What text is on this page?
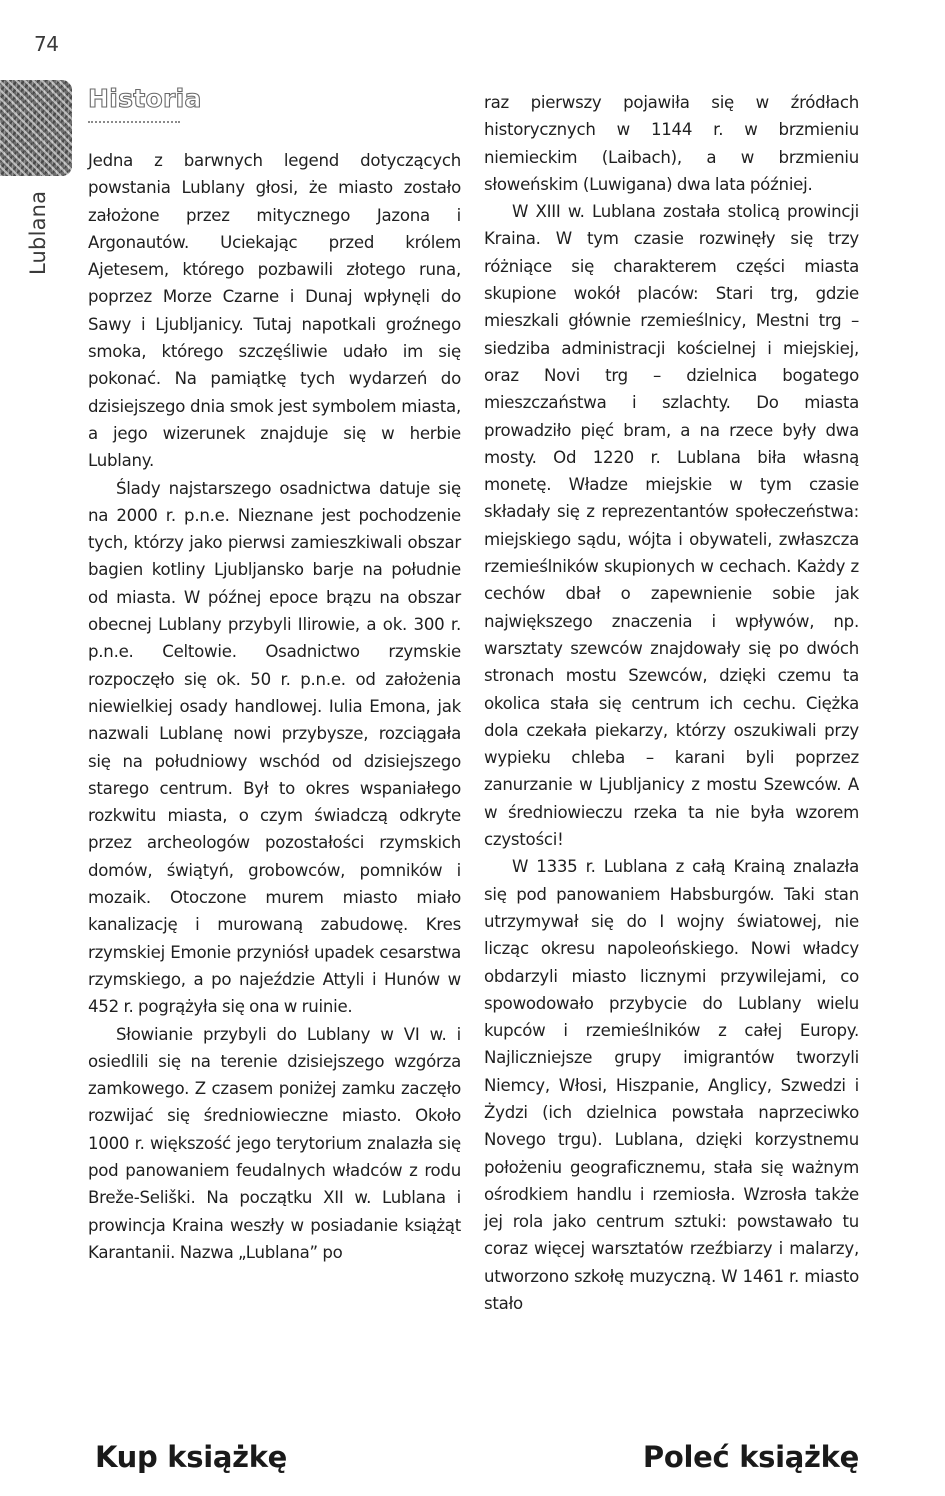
74
Lublana
Historia

Jedna z barwnych legend dotyczących powstania Lublany głosi, że miasto zostało założone przez mitycznego Jazona i Argonautów. Uciekając przed królem Ajetesem, którego pozbawili złotego runa, poprzez Morze Czarne i Dunaj wpłynęli do Sawy i Ljubljanicy. Tutaj napotkali groźnego smoka, którego szczęśliwie udało im się pokonać. Na pamiątkę tych wydarzeń do dzisiejszego dnia smok jest symbolem miasta, a jego wizerunek znajduje się w herbie Lublany.

Ślady najstarszego osadnictwa datuje się na 2000 r. p.n.e. Nieznane jest pochodzenie tych, którzy jako pierwsi zamieszkiwali obszar bagien kotliny Ljubljansko barje na południe od miasta. W późnej epoce brązu na obszar obecnej Lublany przybyli Ilirowie, a ok. 300 r. p.n.e. Celtowie. Osadnictwo rzymskie rozpoczęło się ok. 50 r. p.n.e. od założenia niewielkiej osady handlowej. Iulia Emona, jak nazwali Lublanę nowi przybysze, rozciągała się na południowy wschód od dzisiejszego starego centrum. Był to okres wspaniałego rozkwitu miasta, o czym świadczą odkryte przez archeologów pozostałości rzymskich domów, świątyń, grobowców, pomników i mozaik. Otoczone murem miasto miało kanalizację i murowaną zabudowę. Kres rzymskiej Emonie przyniósł upadek cesarstwa rzymskiego, a po najeździe Attyli i Hunów w 452 r. pogrążyła się ona w ruinie.

Słowianie przybyli do Lublany w VI w. i osiedlili się na terenie dzisiejszego wzgórza zamkowego. Z czasem poniżej zamku zaczęło rozwijać się średniowieczne miasto. Około 1000 r. większość jego terytorium znalazła się pod panowaniem feudalnych władców z rodu Breže-Seliški. Na początku XII w. Lublana i prowincja Kraina weszły w posiadanie książąt Karantanii. Nazwa „Lublana” po

raz pierwszy pojawiła się w źródłach historycznych w 1144 r. w brzmieniu niemieckim (Laibach), a w brzmieniu słoweńskim (Luwigana) dwa lata później.

W XIII w. Lublana została stolicą prowincji Kraina. W tym czasie rozwinęły się trzy różniące się charakterem części miasta skupione wokół placów: Stari trg, gdzie mieszkali głównie rzemieślnicy, Mestni trg – siedziba administracji kościelnej i miejskiej, oraz Novi trg – dzielnica bogatego mieszczaństwa i szlachty. Do miasta prowadziło pięć bram, a na rzece były dwa mosty. Od 1220 r. Lublana biła własną monetę. Władze miejskie w tym czasie składały się z reprezentantów społeczeństwa: miejskiego sądu, wójta i obywateli, zwłaszcza rzemieślników skupionych w cechach. Każdy z cechów dbał o zapewnienie sobie jak największego znaczenia i wpływów, np. warsztaty szewców znajdowały się po dwóch stronach mostu Szewców, dzięki czemu ta okolica stała się centrum ich cechu. Ciężka dola czekała piekarzy, którzy oszukiwali przy wypieku chleba – karani byli poprzez zanurzanie w Ljubljanicy z mostu Szewców. A w średniowieczu rzeka ta nie była wzorem czystości!

W 1335 r. Lublana z całą Krainą znalazła się pod panowaniem Habsburgów. Taki stan utrzymywał się do I wojny światowej, nie licząc okresu napoleońskiego. Nowi władcy obdarzyli miasto licznymi przywilejami, co spowodowało przybycie do Lublany wielu kupców i rzemieślników z całej Europy. Najliczniejsze grupy imigrantów tworzyli Niemcy, Włosi, Hiszpanie, Anglicy, Szwedzi i Żydzi (ich dzielnica powstała naprzeciwko Novego trgu). Lublana, dzięki korzystnemu położeniu geograficznemu, stała się ważnym ośrodkiem handlu i rzemiosła. Wzrosła także jej rola jako centrum sztuki: powstawało tu coraz więcej warsztatów rzeźbiarzy i malarzy, utworzono szkołę muzyczną. W 1461 r. miasto stało

Kup książkę	Poleć książkę
